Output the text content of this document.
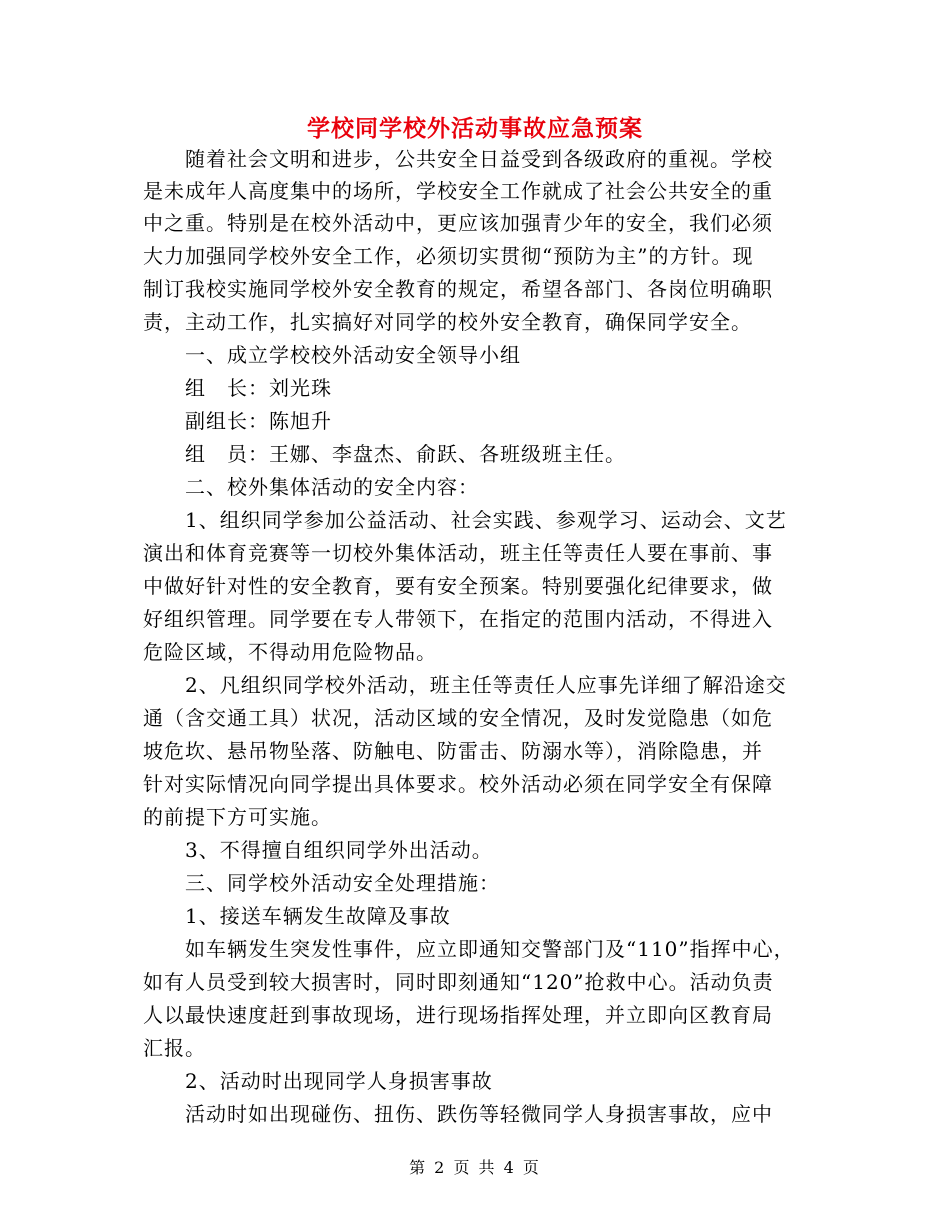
学校同学校外活动事故应急预案
　　随着社会文明和进步，公共安全日益受到各级政府的重视。学校
是未成年人高度集中的场所，学校安全工作就成了社会公共安全的重
中之重。特别是在校外活动中，更应该加强青少年的安全，我们必须
大力加强同学校外安全工作，必须切实贯彻“预防为主”的方针。现
制订我校实施同学校外安全教育的规定，希望各部门、各岗位明确职
责，主动工作，扎实搞好对同学的校外安全教育，确保同学安全。
　　一、成立学校校外活动安全领导小组
　　组　长：刘光珠
　　副组长：陈旭升
　　组　员：王娜、李盘杰、俞跃、各班级班主任。
　　二、校外集体活动的安全内容：
　　1、组织同学参加公益活动、社会实践、参观学习、运动会、文艺
演出和体育竞赛等一切校外集体活动，班主任等责任人要在事前、事
中做好针对性的安全教育，要有安全预案。特别要强化纪律要求，做
好组织管理。同学要在专人带领下，在指定的范围内活动，不得进入
危险区域，不得动用危险物品。
　　2、凡组织同学校外活动，班主任等责任人应事先详细了解沿途交
通（含交通工具）状况，活动区域的安全情况，及时发觉隐患（如危
坡危坎、悬吊物坠落、防触电、防雷击、防溺水等），消除隐患，并
针对实际情况向同学提出具体要求。校外活动必须在同学安全有保障
的前提下方可实施。
　　3、不得擅自组织同学外出活动。
　　三、同学校外活动安全处理措施：
　　1、接送车辆发生故障及事故
　　如车辆发生突发性事件，应立即通知交警部门及“110”指挥中心，
如有人员受到较大损害时，同时即刻通知“120”抢救中心。活动负责
人以最快速度赶到事故现场，进行现场指挥处理，并立即向区教育局
汇报。
　　2、活动时出现同学人身损害事故
　　活动时如出现碰伤、扭伤、跌伤等轻微同学人身损害事故，应中
第 2 页 共 4 页
